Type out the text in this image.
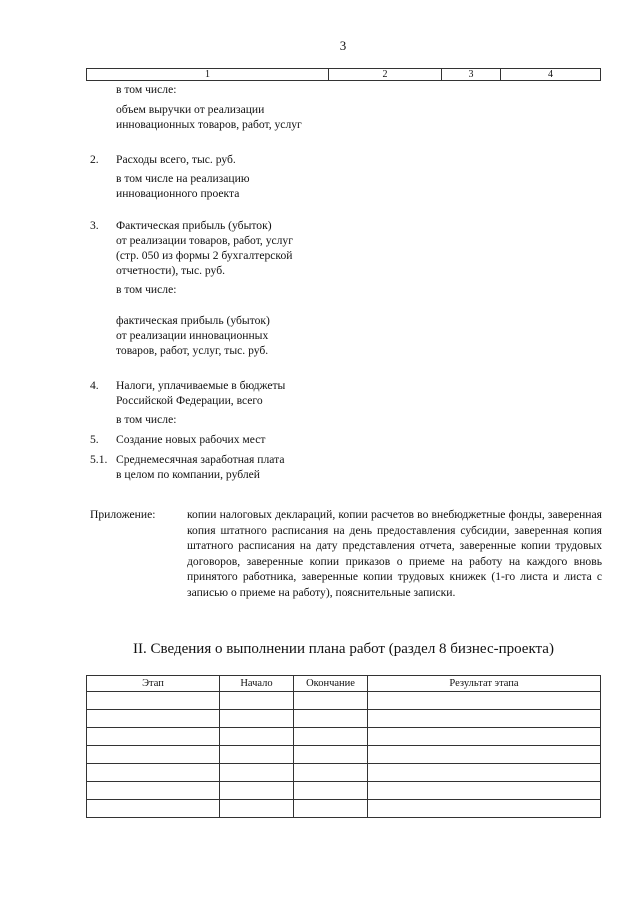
3
1	2	3	4
в том числе:
объем выручки от реализации
инновационных товаров, работ, услуг
2. Расходы всего, тыс. руб.
в том числе на реализацию
инновационного проекта
3. Фактическая прибыль (убыток)
от реализации товаров, работ, услуг
(стр. 050 из формы 2 бухгалтерской
отчетности), тыс. руб.
в том числе:
фактическая прибыль (убыток)
от реализации инновационных
товаров, работ, услуг, тыс. руб.
4. Налоги, уплачиваемые в бюджеты
Российской Федерации, всего
в том числе:
5. Создание новых рабочих мест
5.1. Среднемесячная заработная плата
в целом по компании, рублей
Приложение:	копии налоговых деклараций, копии расчетов во внебюджетные фонды, заверенная копия штатного расписания на день предоставления субсидии, заверенная копия штатного расписания на дату представления отчета, заверенные копии трудовых договоров, заверенные копии приказов о приеме на работу на каждого вновь принятого работника, заверенные копии трудовых книжек (1-го листа и листа с записью о приеме на работу), пояснительные записки.
II. Сведения о выполнении плана работ (раздел 8 бизнес-проекта)
Этап	Начало	Окончание	Результат этапа
